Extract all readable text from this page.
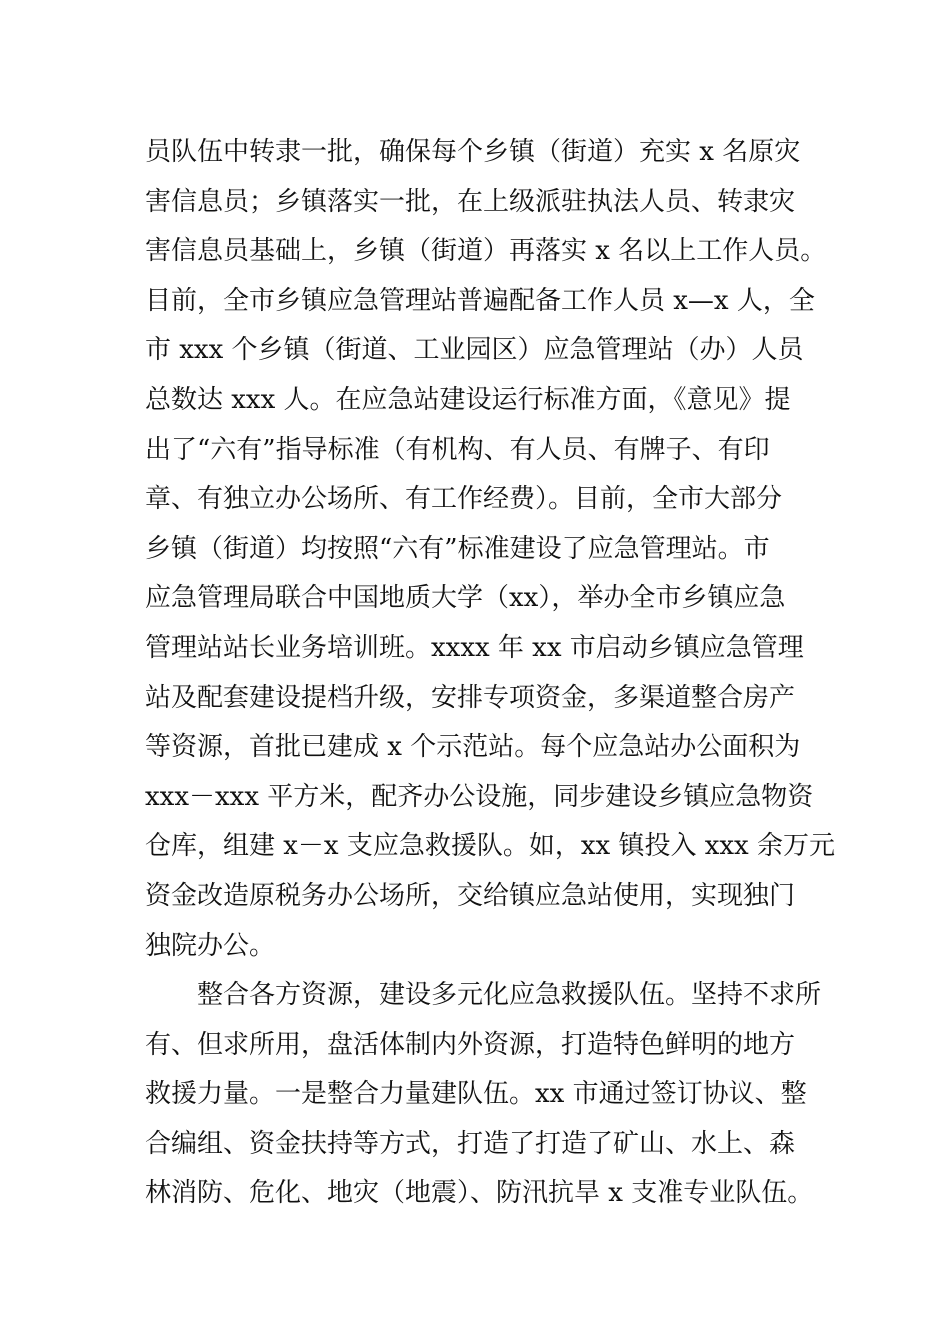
员队伍中转隶一批，确保每个乡镇（街道）充实 x 名原灾
害信息员；乡镇落实一批，在上级派驻执法人员、转隶灾
害信息员基础上，乡镇（街道）再落实 x 名以上工作人员。
目前，全市乡镇应急管理站普遍配备工作人员 x—x 人，全
市 xxx 个乡镇（街道、工业园区）应急管理站（办）人员
总数达 xxx 人。在应急站建设运行标准方面，《意见》提
出了“六有”指导标准（有机构、有人员、有牌子、有印
章、有独立办公场所、有工作经费）。目前，全市大部分
乡镇（街道）均按照“六有”标准建设了应急管理站。市
应急管理局联合中国地质大学（xx），举办全市乡镇应急
管理站站长业务培训班。xxxx 年 xx 市启动乡镇应急管理
站及配套建设提档升级，安排专项资金，多渠道整合房产
等资源，首批已建成 x 个示范站。每个应急站办公面积为
xxx－xxx 平方米，配齐办公设施，同步建设乡镇应急物资
仓库，组建 x－x 支应急救援队。如，xx 镇投入 xxx 余万元
资金改造原税务办公场所，交给镇应急站使用，实现独门
独院办公。
整合各方资源，建设多元化应急救援队伍。坚持不求所
有、但求所用，盘活体制内外资源，打造特色鲜明的地方
救援力量。一是整合力量建队伍。xx 市通过签订协议、整
合编组、资金扶持等方式，打造了打造了矿山、水上、森
林消防、危化、地灾（地震）、防汛抗旱 x 支准专业队伍。
